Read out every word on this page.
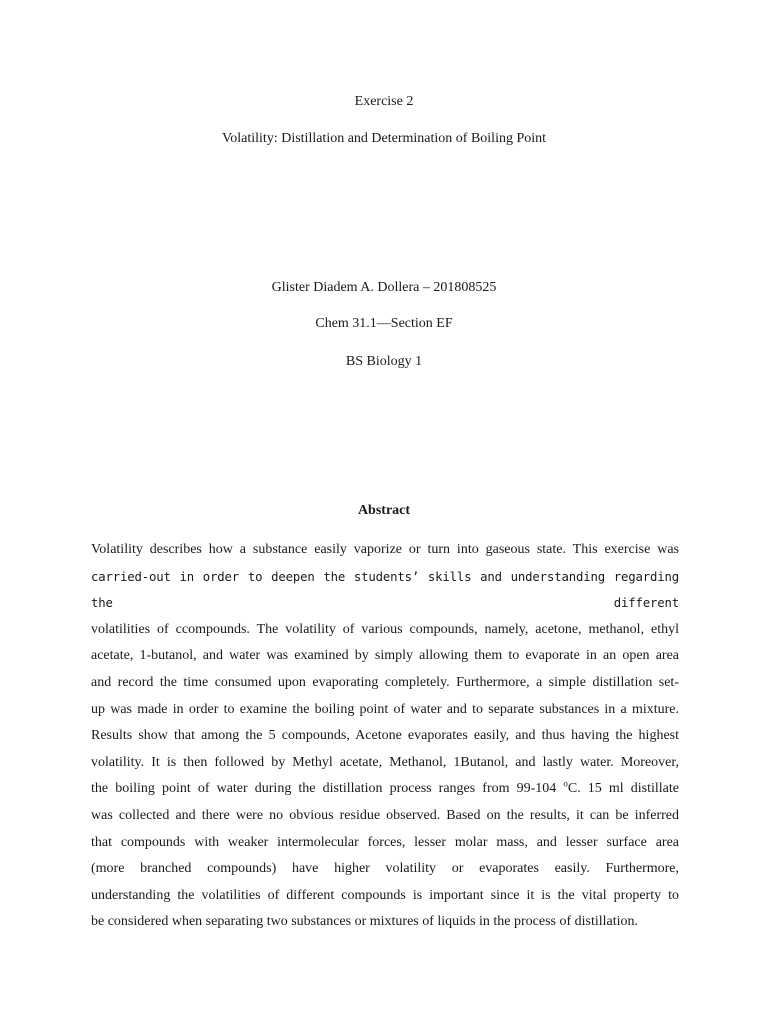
Exercise 2
Volatility: Distillation and Determination of Boiling Point
Glister Diadem A. Dollera – 201808525
Chem 31.1—Section EF
BS Biology 1
Abstract

Volatility describes how a substance easily vaporize or turn into gaseous state. This exercise was

carried-out in order to deepen the students’ skills and understanding regarding the different

volatilities of ccompounds. The volatility of various compounds, namely, acetone, methanol, ethyl

acetate, 1-butanol, and water was examined by simply allowing them to evaporate in an open area

and record the time consumed upon evaporating completely. Furthermore, a simple distillation set-

up was made in order to examine the boiling point of water and to separate substances in a mixture.

Results show that among the 5 compounds, Acetone evaporates easily, and thus having the highest

volatility. It is then followed by Methyl acetate, Methanol, 1Butanol, and lastly water. Moreover,

the boiling point of water during the distillation process ranges from 99-104 $^o$C. 15 ml distillate

was collected and there were no obvious residue observed. Based on the results, it can be inferred

that compounds with weaker intermolecular forces, lesser molar mass, and lesser surface area

(more branched compounds) have higher volatility or evaporates easily. Furthermore,

understanding the volatilities of different compounds is important since it is the vital property to

be considered when separating two substances or mixtures of liquids in the process of distillation.
